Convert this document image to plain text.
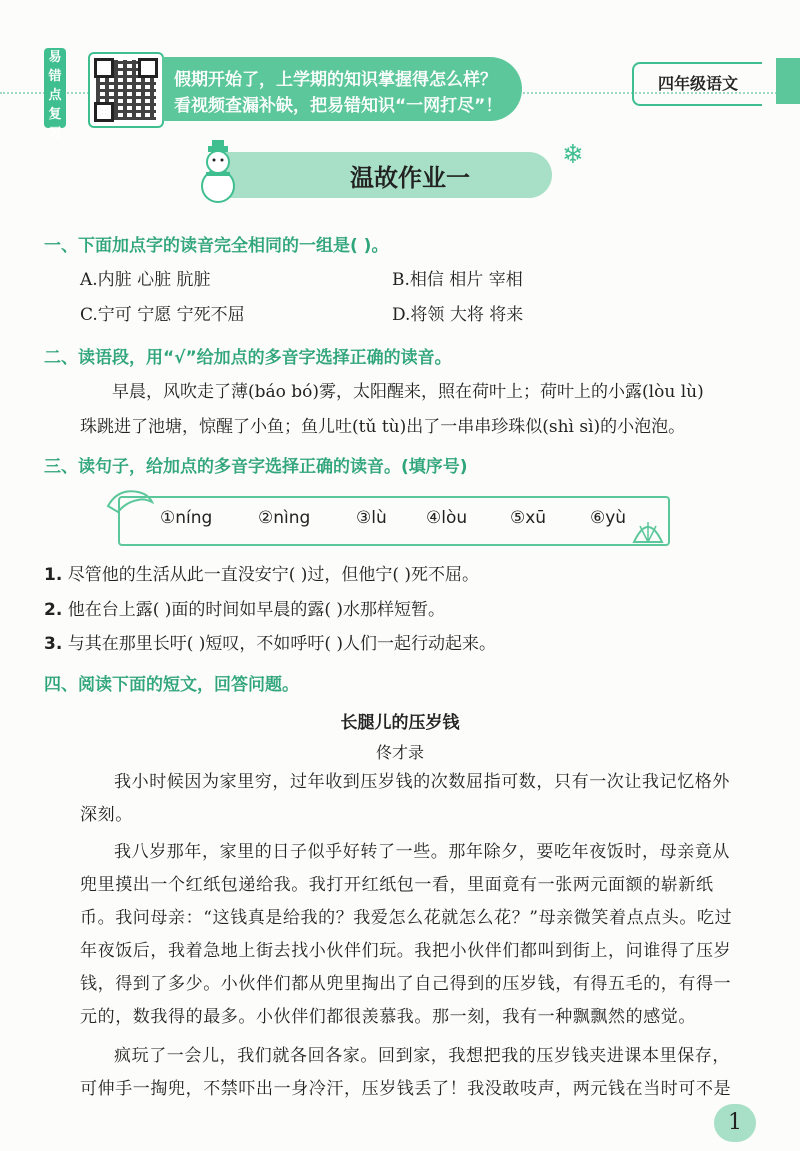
易错点复习
假期开始了，上学期的知识掌握得怎么样？
看视频查漏补缺，把易错知识“一网打尽”！
四年级语文
❄
温故作业一
一、下面加点字的读音完全相同的一组是( )。
A.内脏 心脏 肮脏	B.相信 相片 宰相
C.宁可 宁愿 宁死不屈	D.将领 大将 将来
二、读语段，用“√”给加点的多音字选择正确的读音。
早晨，风吹走了薄(báo bó)雾，太阳醒来，照在荷叶上；荷叶上的小露(lòu lù)
珠跳进了池塘，惊醒了小鱼；鱼儿吐(tǔ tù)出了一串串珍珠似(shì sì)的小泡泡。
三、读句子，给加点的多音字选择正确的读音。(填序号)
①níng	②nìng	③lù ④lòu	⑤xū	⑥yù
1. 尽管他的生活从此一直没安宁( )过，但他宁( )死不屈。
2. 他在台上露( )面的时间如早晨的露( )水那样短暂。
3. 与其在那里长吁( )短叹，不如呼吁( )人们一起行动起来。
四、阅读下面的短文，回答问题。
长腿儿的压岁钱
佟才录
我小时候因为家里穷，过年收到压岁钱的次数屈指可数，只有一次让我记忆格外深刻。
我八岁那年，家里的日子似乎好转了一些。那年除夕，要吃年夜饭时，母亲竟从兜里摸出一个红纸包递给我。我打开红纸包一看，里面竟有一张两元面额的崭新纸币。我问母亲：“这钱真是给我的？我爱怎么花就怎么花？”母亲微笑着点点头。吃过年夜饭后，我着急地上街去找小伙伴们玩。我把小伙伴们都叫到街上，问谁得了压岁钱，得到了多少。小伙伴们都从兜里掏出了自己得到的压岁钱，有得五毛的，有得一元的，数我得的最多。小伙伴们都很羡慕我。那一刻，我有一种飘飘然的感觉。
疯玩了一会儿，我们就各回各家。回到家，我想把我的压岁钱夹进课本里保存，可伸手一掏兜，不禁吓出一身冷汗，压岁钱丢了！我没敢吱声，两元钱在当时可不是
1
